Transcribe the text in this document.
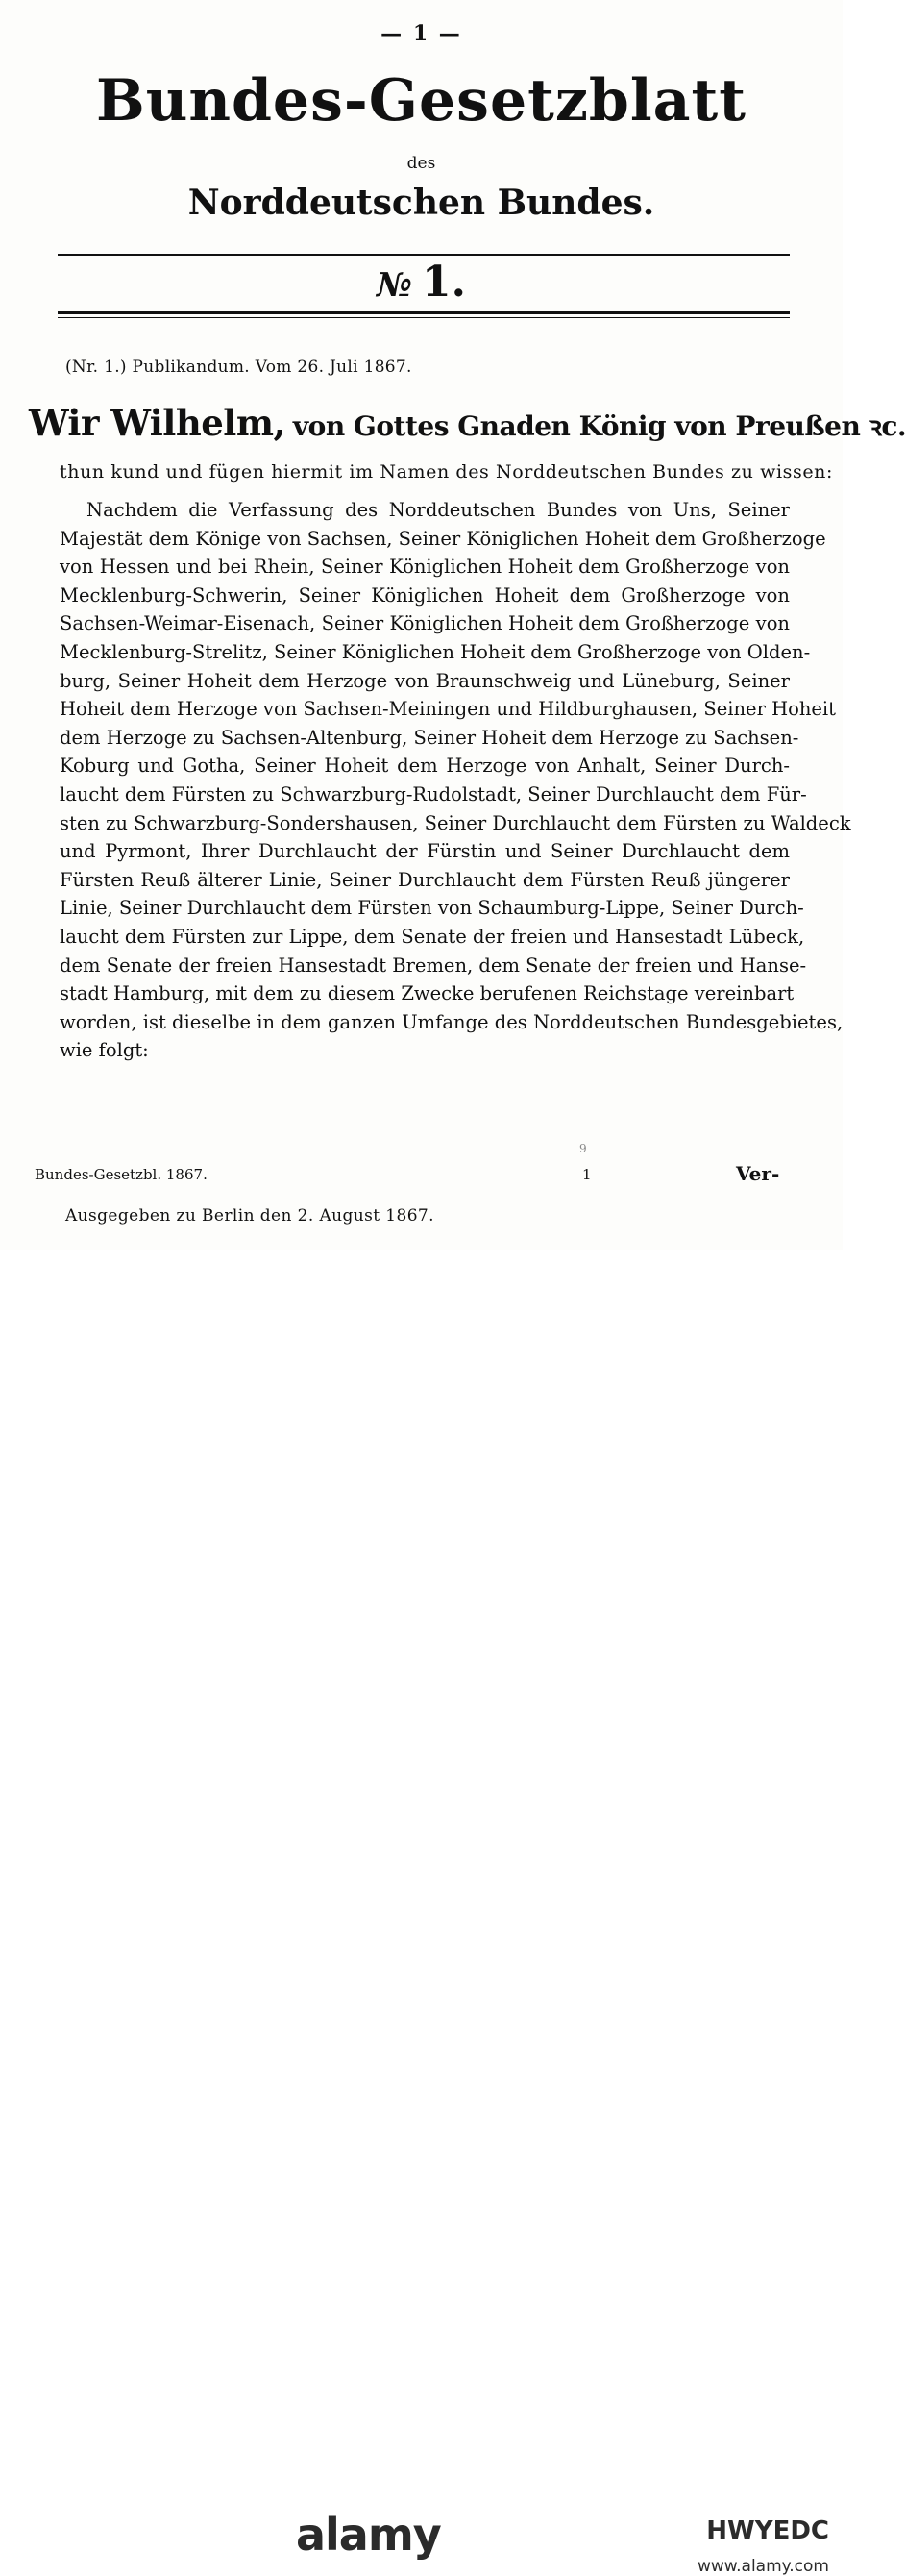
— 1 —
Bundes-Gesetzblatt
des
Norddeutschen Bundes.
№ 1.
(Nr. 1.) Publikandum. Vom 26. Juli 1867.
Wir Wilhelm, von Gottes Gnaden König von Preußen ꝛc.
thun kund und fügen hiermit im Namen des Norddeutschen Bundes zu wissen:
Nachdem die Verfassung des Norddeutschen Bundes von Uns, Seiner
Majestät dem Könige von Sachsen, Seiner Königlichen Hoheit dem Großherzoge
von Hessen und bei Rhein, Seiner Königlichen Hoheit dem Großherzoge von
Mecklenburg-Schwerin, Seiner Königlichen Hoheit dem Großherzoge von
Sachsen-Weimar-Eisenach, Seiner Königlichen Hoheit dem Großherzoge von
Mecklenburg-Strelitz, Seiner Königlichen Hoheit dem Großherzoge von Olden-
burg, Seiner Hoheit dem Herzoge von Braunschweig und Lüneburg, Seiner
Hoheit dem Herzoge von Sachsen-Meiningen und Hildburghausen, Seiner Hoheit
dem Herzoge zu Sachsen-Altenburg, Seiner Hoheit dem Herzoge zu Sachsen-
Koburg und Gotha, Seiner Hoheit dem Herzoge von Anhalt, Seiner Durch-
laucht dem Fürsten zu Schwarzburg-Rudolstadt, Seiner Durchlaucht dem Für-
sten zu Schwarzburg-Sondershausen, Seiner Durchlaucht dem Fürsten zu Waldeck
und Pyrmont, Ihrer Durchlaucht der Fürstin und Seiner Durchlaucht dem
Fürsten Reuß älterer Linie, Seiner Durchlaucht dem Fürsten Reuß jüngerer
Linie, Seiner Durchlaucht dem Fürsten von Schaumburg-Lippe, Seiner Durch-
laucht dem Fürsten zur Lippe, dem Senate der freien und Hansestadt Lübeck,
dem Senate der freien Hansestadt Bremen, dem Senate der freien und Hanse-
stadt Hamburg, mit dem zu diesem Zwecke berufenen Reichstage vereinbart
worden, ist dieselbe in dem ganzen Umfange des Norddeutschen Bundesgebietes,
wie folgt:
9
Bundes-Gesetzbl. 1867.	1	Ver-
Ausgegeben zu Berlin den 2. August 1867.
alamy	HWYEDC
www.alamy.com
